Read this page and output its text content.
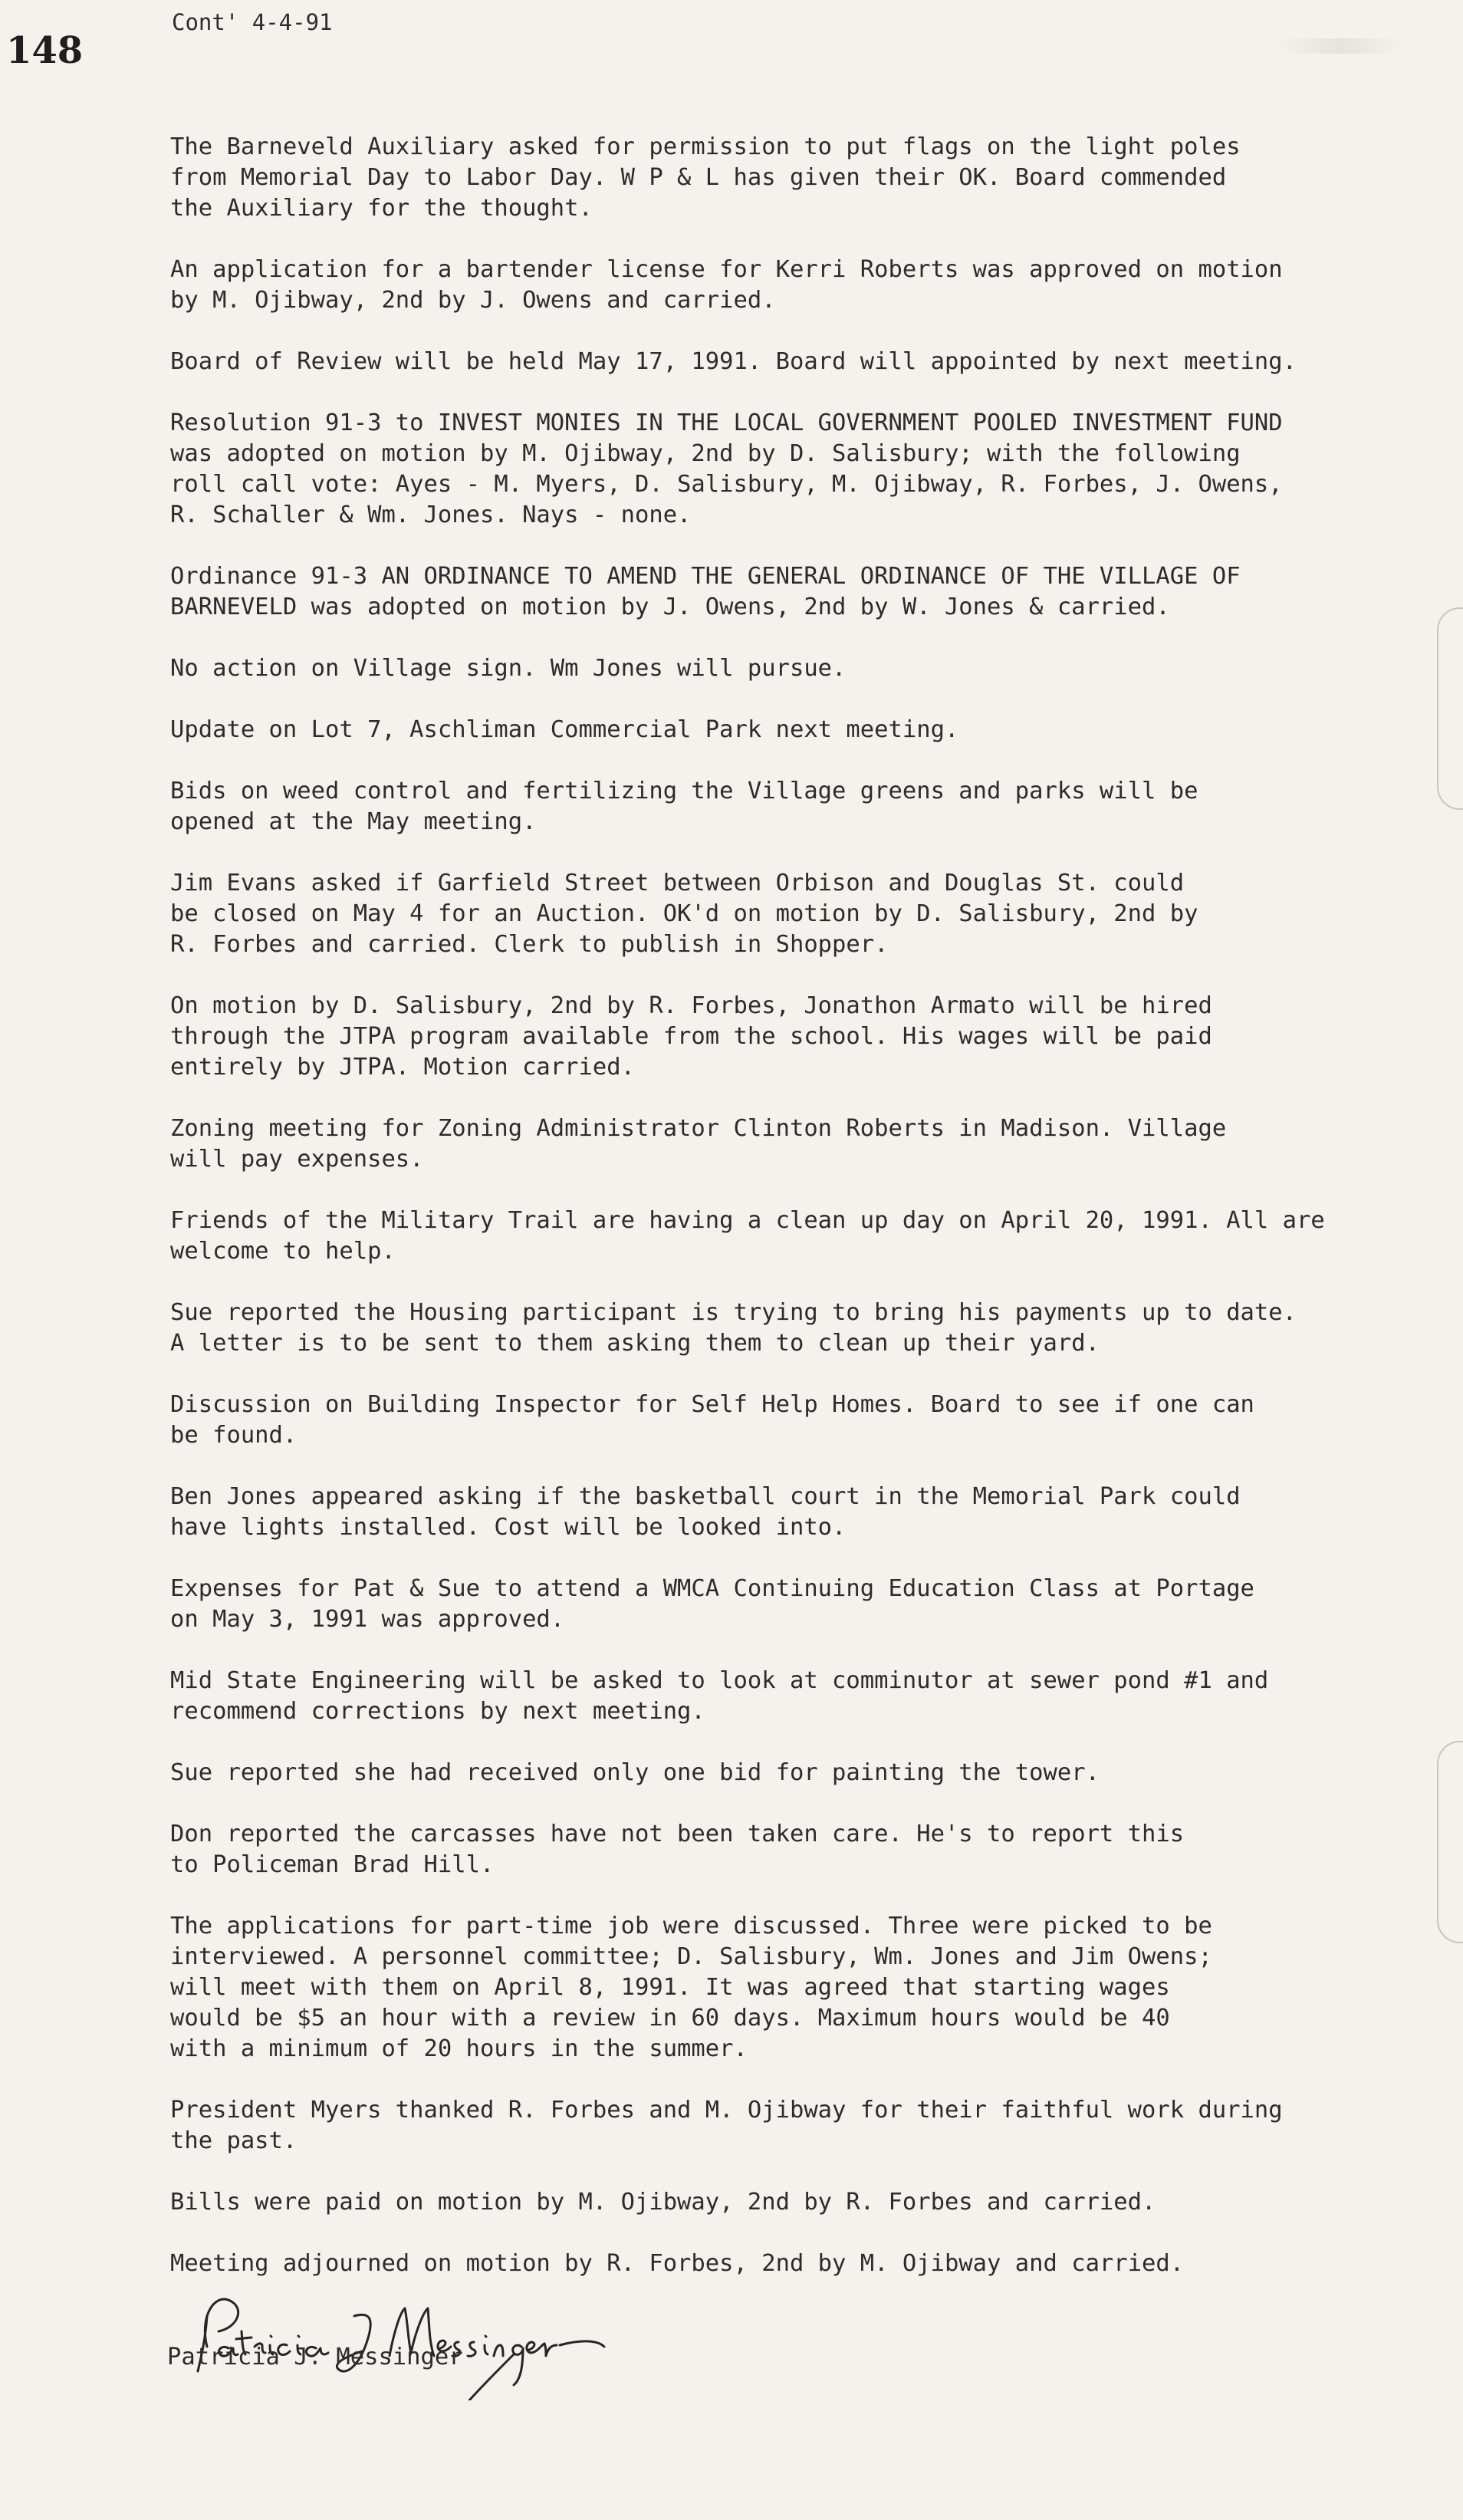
148
Cont' 4-4-91

The Barneveld Auxiliary asked for permission to put flags on the light poles
from Memorial Day to Labor Day. W P & L has given their OK. Board commended
the Auxiliary for the thought.

An application for a bartender license for Kerri Roberts was approved on motion
by M. Ojibway, 2nd by J. Owens and carried.

Board of Review will be held May 17, 1991. Board will appointed by next meeting.

Resolution 91-3 to INVEST MONIES IN THE LOCAL GOVERNMENT POOLED INVESTMENT FUND
was adopted on motion by M. Ojibway, 2nd by D. Salisbury; with the following
roll call vote: Ayes - M. Myers, D. Salisbury, M. Ojibway, R. Forbes, J. Owens,
R. Schaller & Wm. Jones. Nays - none.

Ordinance 91-3 AN ORDINANCE TO AMEND THE GENERAL ORDINANCE OF THE VILLAGE OF
BARNEVELD was adopted on motion by J. Owens, 2nd by W. Jones & carried.

No action on Village sign. Wm Jones will pursue.

Update on Lot 7, Aschliman Commercial Park next meeting.

Bids on weed control and fertilizing the Village greens and parks will be
opened at the May meeting.

Jim Evans asked if Garfield Street between Orbison and Douglas St. could
be closed on May 4 for an Auction. OK'd on motion by D. Salisbury, 2nd by
R. Forbes and carried. Clerk to publish in Shopper.

On motion by D. Salisbury, 2nd by R. Forbes, Jonathon Armato will be hired
through the JTPA program available from the school. His wages will be paid
entirely by JTPA. Motion carried.

Zoning meeting for Zoning Administrator Clinton Roberts in Madison. Village
will pay expenses.

Friends of the Military Trail are having a clean up day on April 20, 1991. All are
welcome to help.

Sue reported the Housing participant is trying to bring his payments up to date.
A letter is to be sent to them asking them to clean up their yard.

Discussion on Building Inspector for Self Help Homes. Board to see if one can
be found.

Ben Jones appeared asking if the basketball court in the Memorial Park could
have lights installed. Cost will be looked into.

Expenses for Pat & Sue to attend a WMCA Continuing Education Class at Portage
on May 3, 1991 was approved.

Mid State Engineering will be asked to look at comminutor at sewer pond #1 and
recommend corrections by next meeting.

Sue reported she had received only one bid for painting the tower.

Don reported the carcasses have not been taken care. He's to report this
to Policeman Brad Hill.

The applications for part-time job were discussed. Three were picked to be
interviewed. A personnel committee; D. Salisbury, Wm. Jones and Jim Owens;
will meet with them on April 8, 1991. It was agreed that starting wages
would be $5 an hour with a review in 60 days. Maximum hours would be 40
with a minimum of 20 hours in the summer.

President Myers thanked R. Forbes and M. Ojibway for their faithful work during
the past.

Bills were paid on motion by M. Ojibway, 2nd by R. Forbes and carried.

Meeting adjourned on motion by R. Forbes, 2nd by M. Ojibway and carried.

Patricia J. Messinger
